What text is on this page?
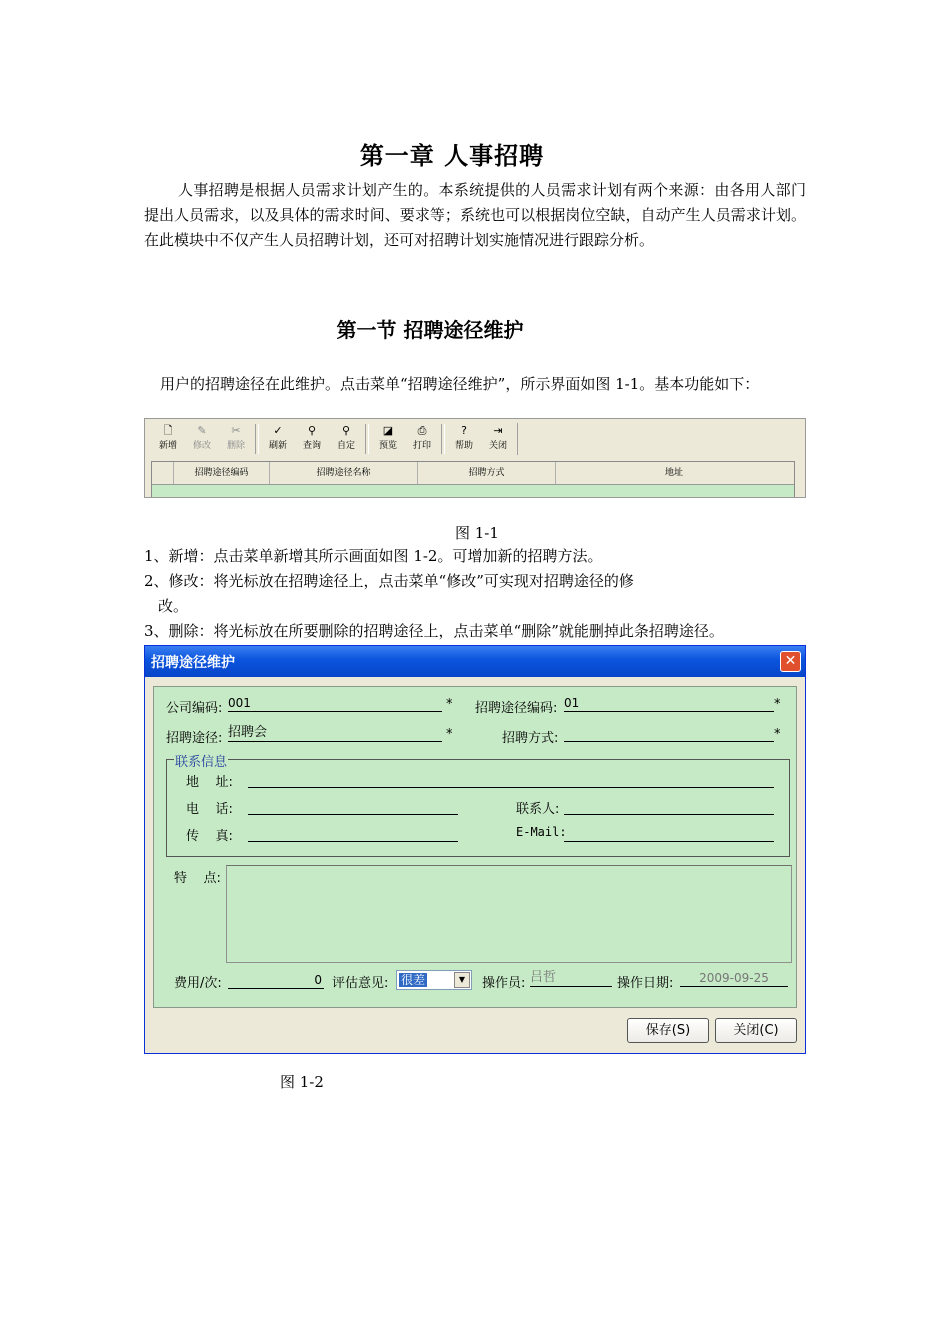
第一章 人事招聘
人事招聘是根据人员需求计划产生的。本系统提供的人员需求计划有两个来源：由各用人部门提出人员需求，以及具体的需求时间、要求等；系统也可以根据岗位空缺，自动产生人员需求计划。在此模块中不仅产生人员招聘计划，还可对招聘计划实施情况进行跟踪分析。
第一节 招聘途径维护
用户的招聘途径在此维护。点击菜单“招聘途径维护”，所示界面如图 1-1。基本功能如下：
🗋
新增
✎
修改
✂
删除
✓
刷新
⚲
查询
⚲
自定
◪
预览
⎙
打印
?
帮助
⇥
关闭
招聘途径编码	招聘途径名称	招聘方式	地址
图 1-1
1、新增：点击菜单新增其所示画面如图 1-2。可增加新的招聘方法。
2、修改：将光标放在招聘途径上，点击菜单“修改”可实现对招聘途径的修
改。
3、删除：将光标放在所要删除的招聘途径上，点击菜单“删除”就能删掉此条招聘途径。
招聘途径维护	✕
公司编码: 001	* 招聘途径编码: 01	*
招聘途径: 招聘会	*	招聘方式:	*
联系信息
地    址:
电    话:	联系人:
传    真:	E-Mail:
特    点:
费用/次:	0 评估意见: 很差	▼	操作员: 吕哲	操作日期:	2009-09-25
保存(S)	关闭(C)
图 1-2
